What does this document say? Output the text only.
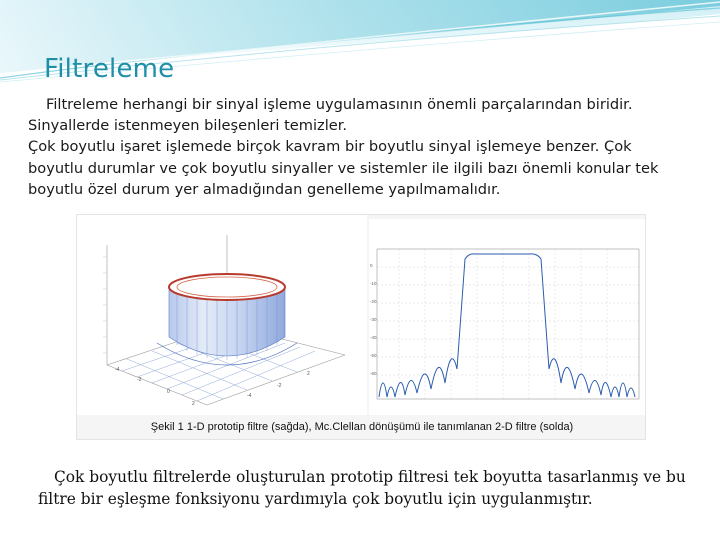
Filtreleme
Filtreleme herhangi bir sinyal işleme uygulamasının önemli parçalarından biridir.
Sinyallerde istenmeyen bileşenleri temizler.
Çok boyutlu işaret işlemede birçok kavram bir boyutlu sinyal işlemeye benzer. Çok boyutlu durumlar ve çok boyutlu sinyaller ve sistemler ile ilgili bazı önemli konular tek boyutlu özel durum yer almadığından genelleme yapılmamalıdır.
-4
-2
0
2
-4
-2
2
0
-10
-20
-30
-40
-50
-60
Şekil 1 1-D prototip filtre (sağda), Mc.Clellan dönüşümü ile tanımlanan 2-D filtre (solda)
Çok boyutlu filtrelerde oluşturulan prototip filtresi tek boyutta tasarlanmış ve bu filtre bir eşleşme fonksiyonu yardımıyla çok boyutlu için uygulanmıştır.
